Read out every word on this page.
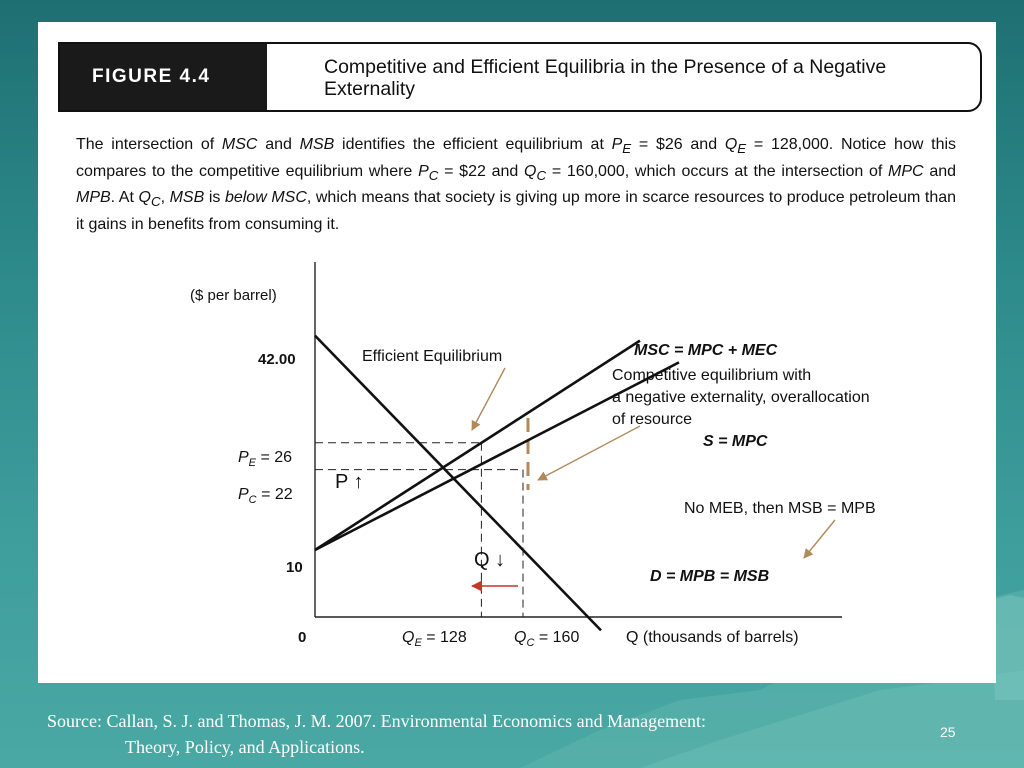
FIGURE 4.4	Competitive and Efficient Equilibria in the Presence of a Negative Externality
The intersection of MSC and MSB identifies the efficient equilibrium at $P_E$ = $26 and $Q_E = 128,000$. Notice how this compares to the competitive equilibrium where $P_C$ = $22 and $Q_C = 160,000$, which occurs at the intersection of MPC and MPB. At $Q_C$, MSB is below MSC, which means that society is giving up more in scarce resources to produce petroleum than it gains in benefits from consuming it.
($ per barrel)
42.00
$P_E = 26$
$P_C = 22$
10
0	$Q_E = 128$	$Q_C = 160$	Q (thousands of barrels)
MSC = MPC + MEC
S = MPC
D = MPB = MSB
Efficient Equilibrium
Competitive equilibrium with
a negative externality, overallocation
of resource
No MEB, then MSB = MPB
P ↑
Q ↓
Source: Callan, S. J. and Thomas, J. M. 2007. Environmental Economics and Management:
Theory, Policy, and Applications.
25
